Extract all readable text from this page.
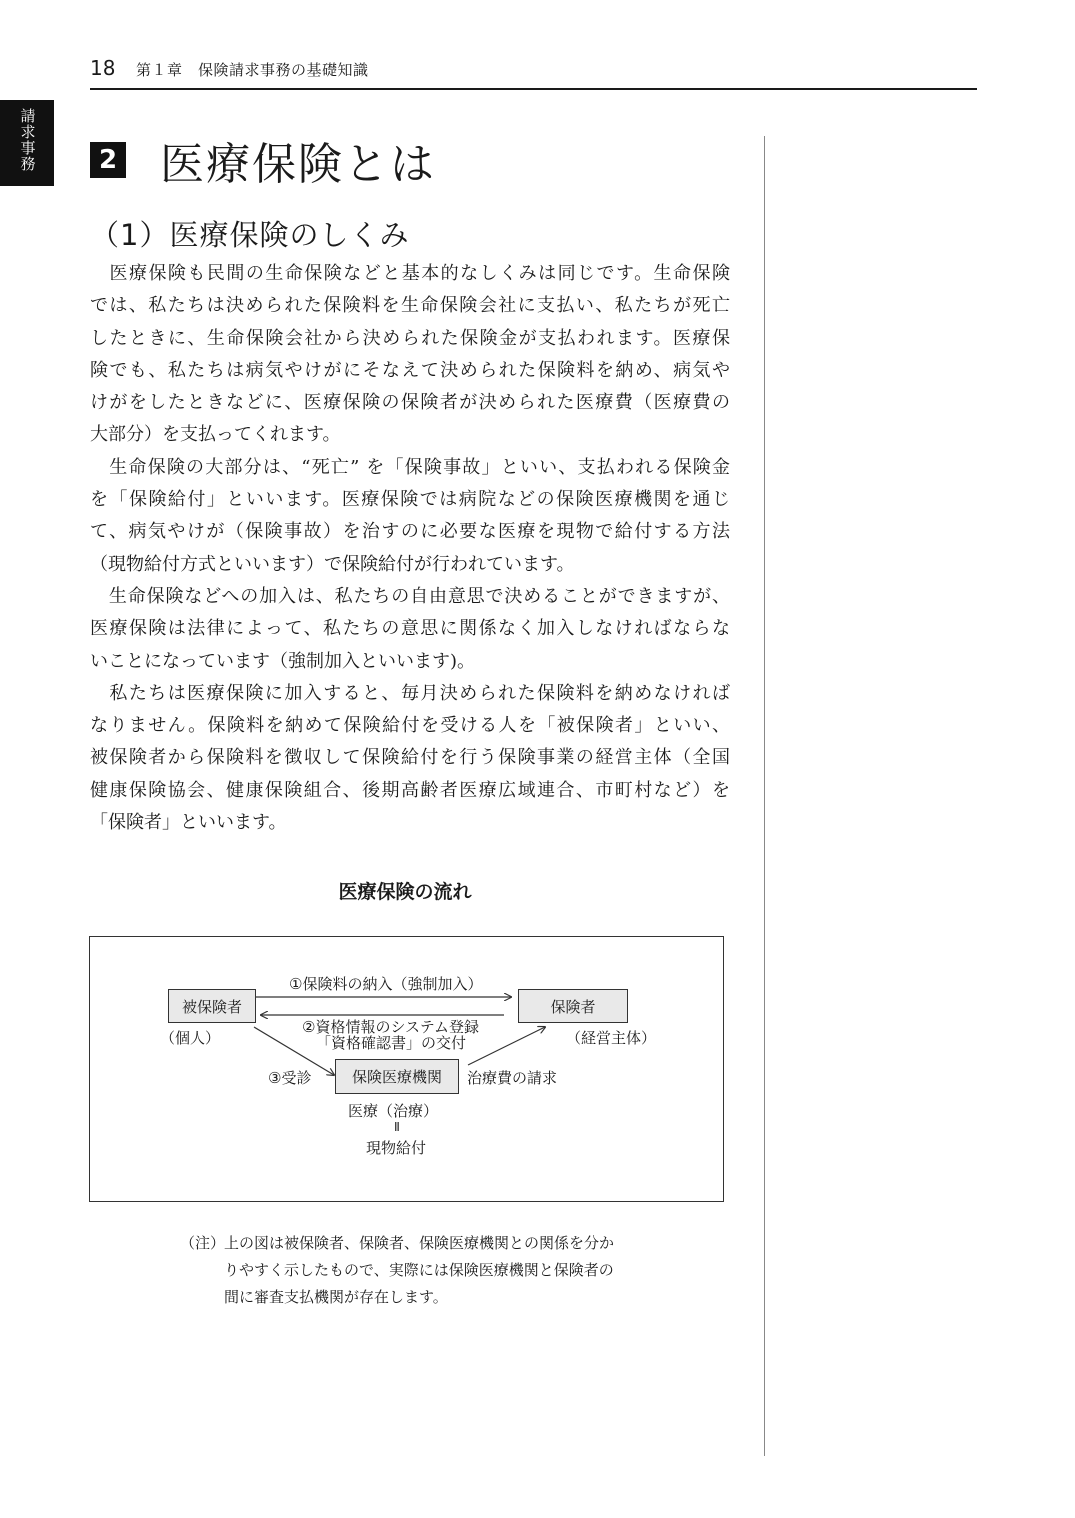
18 第１章　保険請求事務の基礎知識
請求事務	2 医療保険とは
（1）医療保険のしくみ
　医療保険も民間の生命保険などと基本的なしくみは同じです。生命保険
では、私たちは決められた保険料を生命保険会社に支払い、私たちが死亡
したときに、生命保険会社から決められた保険金が支払われます。医療保
険でも、私たちは病気やけがにそなえて決められた保険料を納め、病気や
けがをしたときなどに、医療保険の保険者が決められた医療費（医療費の
大部分）を支払ってくれます。
　生命保険の大部分は、“死亡” を「保険事故」といい、支払われる保険金
を「保険給付」といいます。医療保険では病院などの保険医療機関を通じ
て、病気やけが（保険事故）を治すのに必要な医療を現物で給付する方法
（現物給付方式といいます）で保険給付が行われています。
　生命保険などへの加入は、私たちの自由意思で決めることができますが、
医療保険は法律によって、私たちの意思に関係なく加入しなければならな
いことになっています（強制加入といいます)。
　私たちは医療保険に加入すると、毎月決められた保険料を納めなければ
なりません。保険料を納めて保険給付を受ける人を「被保険者」といい、
被保険者から保険料を徴収して保険給付を行う保険事業の経営主体（全国
健康保険協会、健康保険組合、後期高齢者医療広域連合、市町村など）を
「保険者」といいます。
医療保険の流れ
被保険者
（個人）
保険者
（経営主体）
保険医療機関
①保険料の納入（強制加入）
②資格情報のシステム登録
「資格確認書」の交付
③受診	治療費の請求
医療（治療）
Ⅱ
現物給付
（注）
上の図は被保険者、保険者、保険医療機関との関係を分か
りやすく示したもので、実際には保険医療機関と保険者の
間に審査支払機関が存在します。
